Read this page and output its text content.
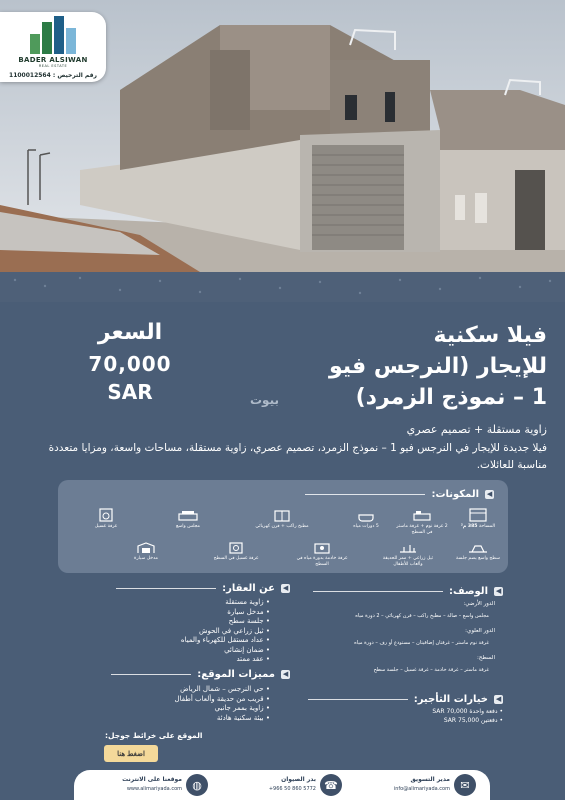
BADER ALSIWAN
REAL ESTATE
رقم الترخيص : 1100012564
فيلا سكنية
للإيجار (النرجس فيو
1 – نموذج الزمرد)
السعر
70,000
SAR	بيوت
زاوية مستقلة + تصميم عصري
فيلا جديدة للإيجار في النرجس فيو 1 – نموذج الزمرد، تصميم عصري، زاوية مستقلة، مساحات واسعة، ومزايا متعددة مناسبة للعائلات.
◀
المكونات:
المساحة 385 م²
2 غرفة نوم + غرفة ماستر في السطح
5 دورات مياه
مطبخ راكب + فرن كهربائي
مجلس واسع
غرفة غسيل
سطح واسع يضم جلسة
ثيل زراعي + ممر للحديقة وألعاب للأطفال
غرفة خادمة بدورة مياه في السطح
غرفة غسيل في السطح
مدخل سيارة
◀
عن العقار:
• زاوية مستقلة
• مدخل سيارة
• جلسة سطح
• ثيل زراعي في الحوش
• عداد مستقل للكهرباء والمياه
• ضمان إنشائي
• عقد ممتد
◀
مميزات الموقع:
• حي النرجس – شمال الرياض
• قريب من حديقة وألعاب أطفال
• زاوية بممر جانبي
• بيئة سكنية هادئة
الموقع على خرائط جوجل:
اضغط هنا
◀
الوصف:
الدور الأرضي:
مجلس واسع – صالة – مطبخ راكب – فرن كهربائي – 2 دورة مياه
الدور العلوي:
غرفة نوم ماستر – غرفتان إضافيتان – مستودع أو رف – دورة مياه
السطح:
غرفة ماستر – غرفة خادمة – غرفة غسيل – جلسة سطح
◀
خيارات التأجير:
• دفعة واحدة 70,000 SAR
• دفعتين 75,000 SAR
✉
مدير التسويق
info@alimariyada.com
☎
بدر الصيوان
+966 50 860 5772
◍
موقعنا على الانترنت
www.alimariyada.com
